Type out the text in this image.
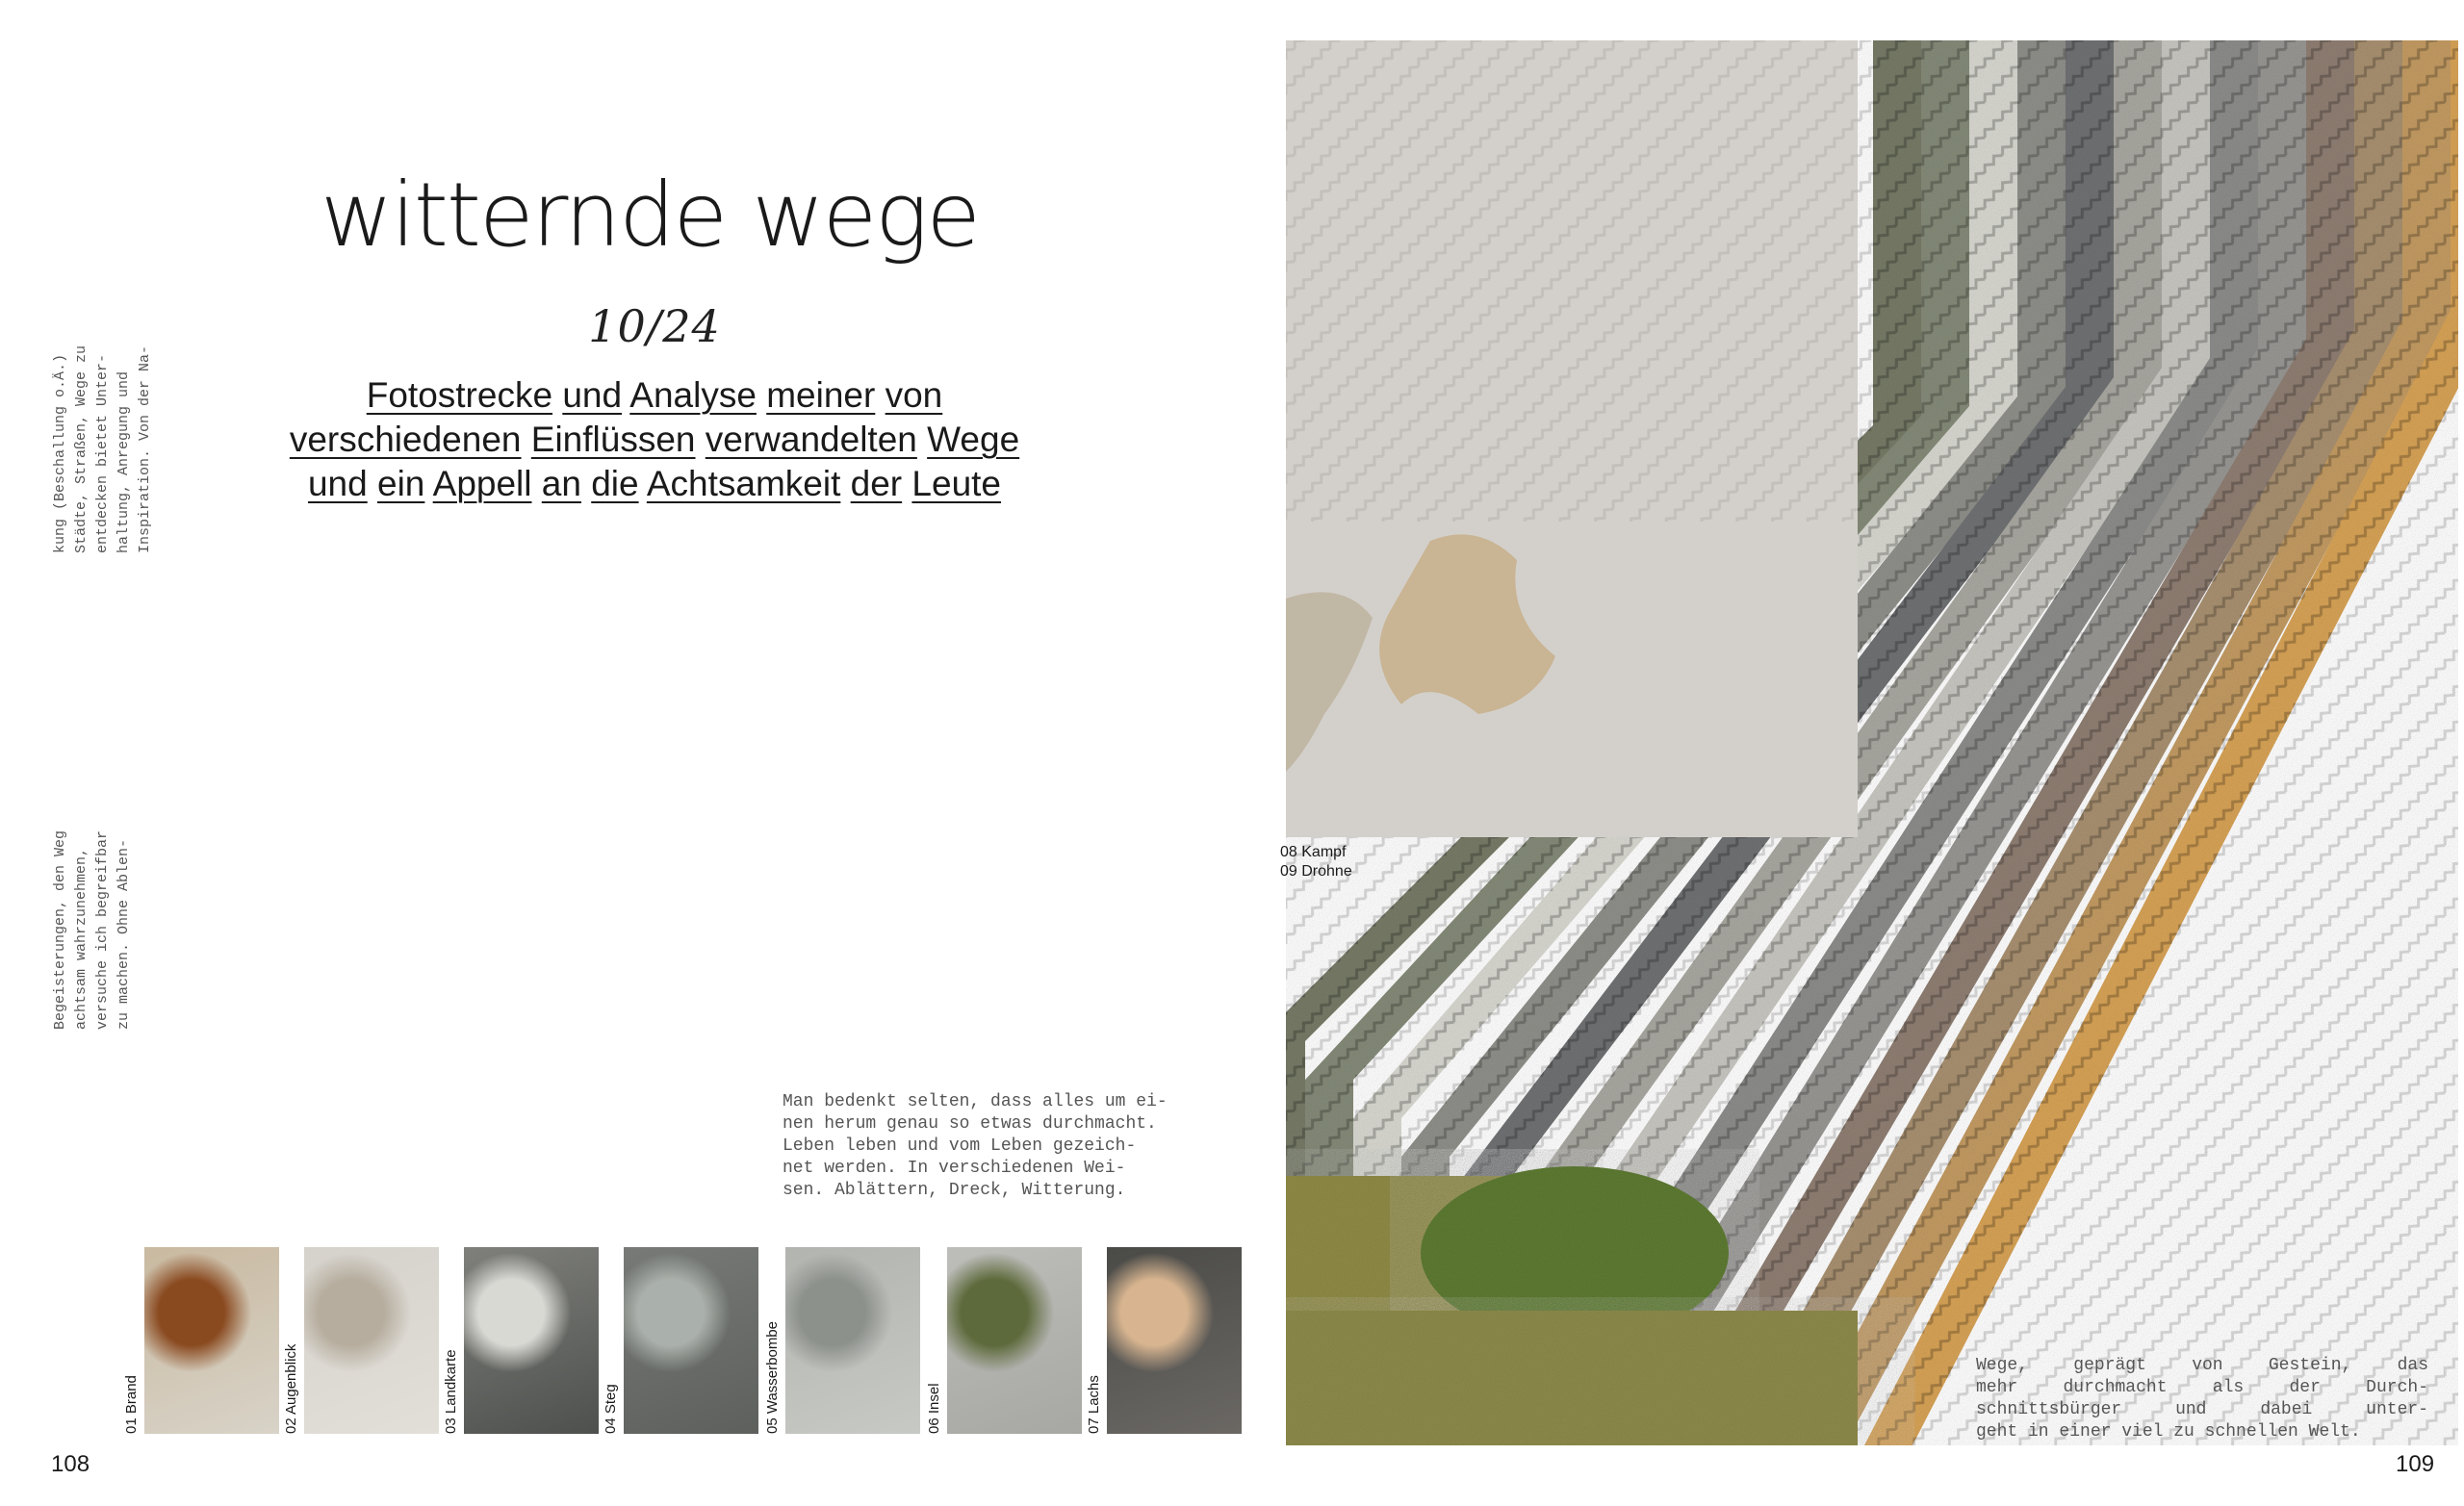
Begeisterungen, den Weg achtsam wahrzunehmen, versuche ich begreifbar zu machen. Ohne Ablen-
kung (Beschallung o.Ä.) Städte, Straßen, Wege zu entdecken bietet Unter- haltung, Anregung und Inspiration. Von der Na-
witternde wege
10/24
Fotostrecke und Analyse meiner von verschiedenen Einflüssen verwandelten Wege und ein Appell an die Achtsamkeit der Leute
Man bedenkt selten, dass alles um ei-
nen herum genau so etwas durchmacht.
Leben leben und vom Leben gezeich-
net werden. In verschiedenen Wei-
sen. Ablättern, Dreck, Witterung.
01 Brand	02 Augenblick	03 Landkarte	04 Steg	05 Wasserbombe	06 Insel	07 Lachs
108	109
08 Kampf
09 Drohne
Wege, geprägt von Gestein, das
mehr durchmacht als der Durch-
schnittsbürger und dabei unter-
geht in einer viel zu schnellen Welt.
